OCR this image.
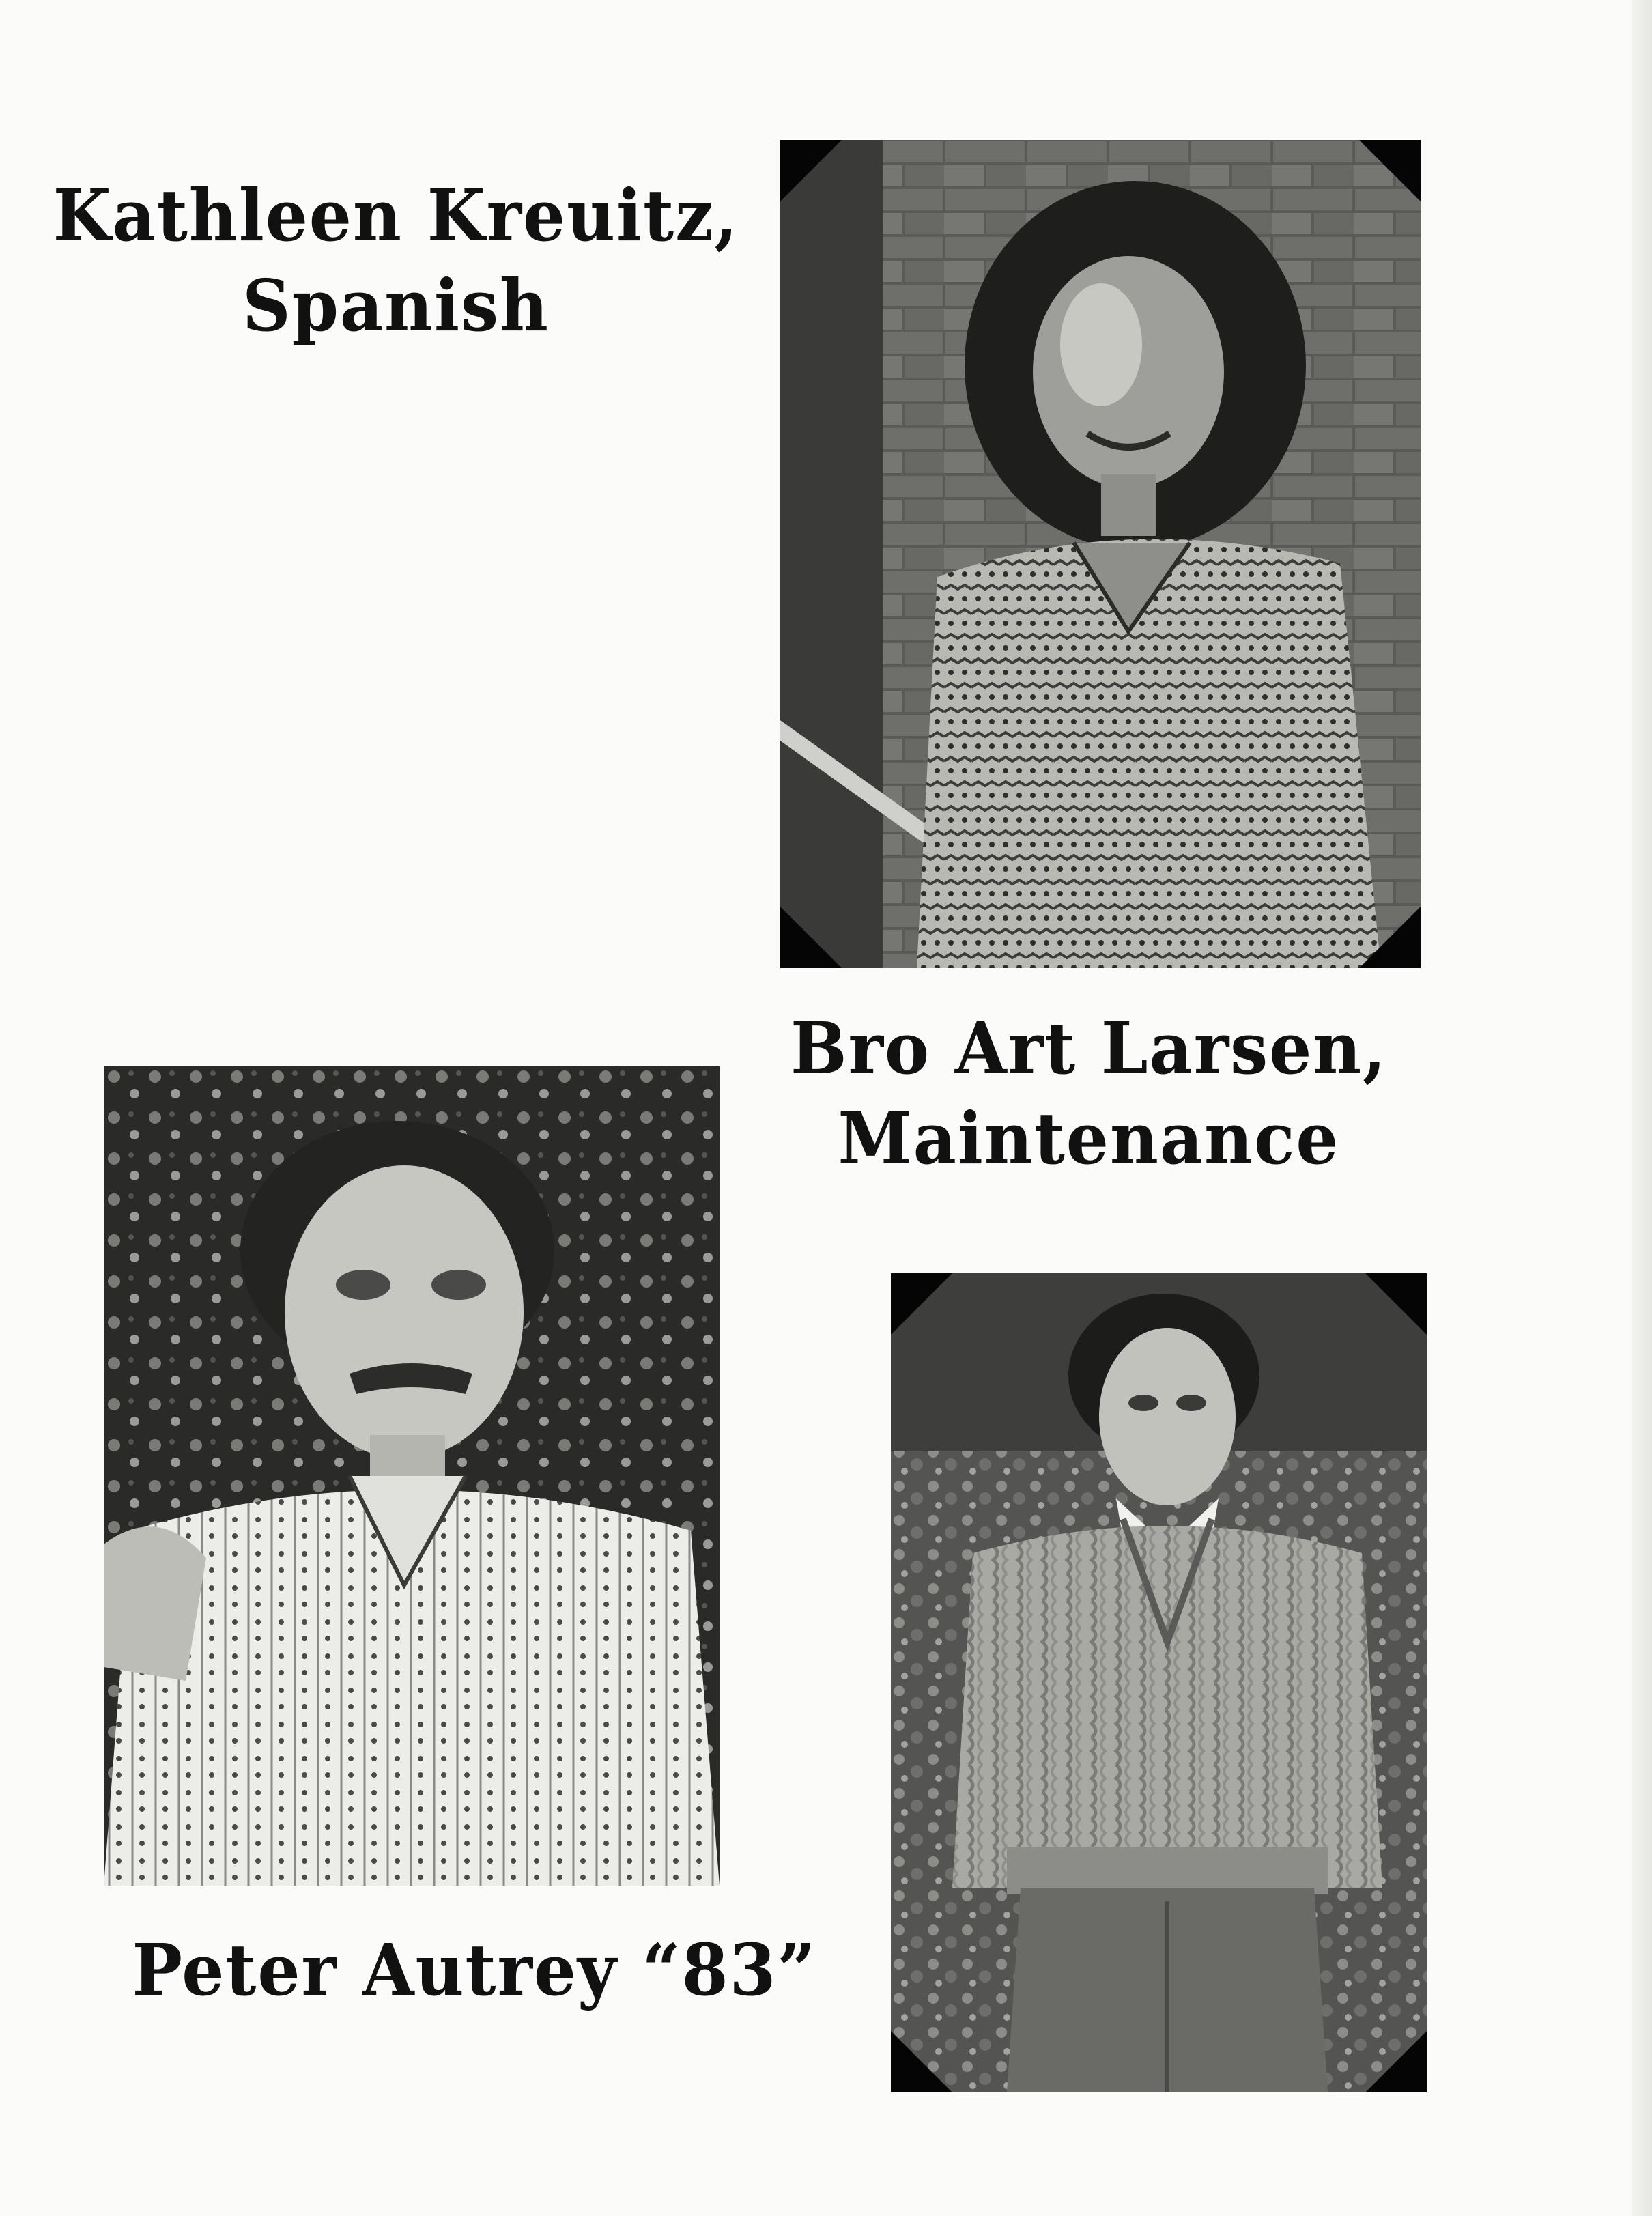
Kathleen Kreuitz,
Spanish
Bro Art Larsen,
Maintenance
Peter Autrey “83”
